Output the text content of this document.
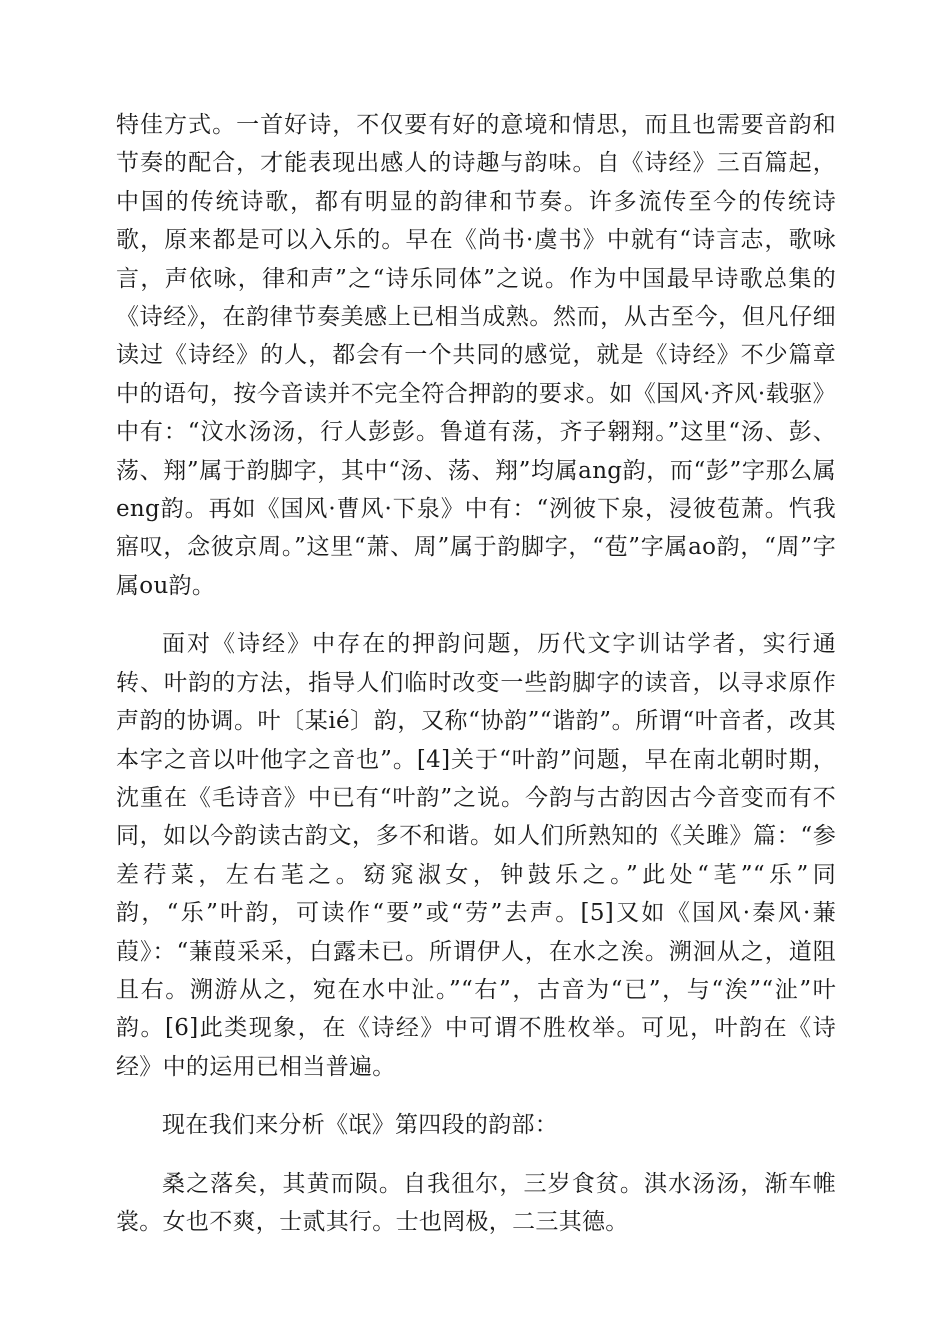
特佳方式。一首好诗，不仅要有好的意境和情思，而且也需要音韵和节奏的配合，才能表现出感人的诗趣与韵味。自《诗经》三百篇起，中国的传统诗歌，都有明显的韵律和节奏。许多流传至今的传统诗歌，原来都是可以入乐的。早在《尚书·虞书》中就有“诗言志，歌咏言，声依咏，律和声”之“诗乐同体”之说。作为中国最早诗歌总集的《诗经》，在韵律节奏美感上已相当成熟。然而，从古至今，但凡仔细读过《诗经》的人，都会有一个共同的感觉，就是《诗经》不少篇章中的语句，按今音读并不完全符合押韵的要求。如《国风·齐风·载驱》中有：“汶水汤汤，行人彭彭。鲁道有荡，齐子翱翔。”这里“汤、彭、荡、翔”属于韵脚字，其中“汤、荡、翔”均属ang韵，而“彭”字那么属eng韵。再如《国风·曹风·下泉》中有：“洌彼下泉，浸彼苞萧。忾我寤叹，念彼京周。”这里“萧、周”属于韵脚字，“苞”字属ao韵，“周”字属ou韵。

面对《诗经》中存在的押韵问题，历代文字训诂学者，实行通转、叶韵的方法，指导人们临时改变一些韵脚字的读音，以寻求原作声韵的协调。叶〔某ié〕韵，又称“协韵”“谐韵”。所谓“叶音者，改其本字之音以叶他字之音也”。[4]关于“叶韵”问题，早在南北朝时期，沈重在《毛诗音》中已有“叶韵”之说。今韵与古韵因古今音变而有不同，如以今韵读古韵文，多不和谐。如人们所熟知的《关雎》篇：“参差荇菜，左右芼之。窈窕淑女，钟鼓乐之。”此处“芼”“乐”同韵，“乐”叶韵，可读作“要”或“劳”去声。[5]又如《国风·秦风·蒹葭》：“蒹葭采采，白露未已。所谓伊人，在水之涘。溯洄从之，道阻且右。溯游从之，宛在水中沚。”“右”，古音为“已”，与“涘”“沚”叶韵。[6]此类现象，在《诗经》中可谓不胜枚举。可见，叶韵在《诗经》中的运用已相当普遍。

现在我们来分析《氓》第四段的韵部：

桑之落矣，其黄而陨。自我徂尔，三岁食贫。淇水汤汤，渐车帷裳。女也不爽，士贰其行。士也罔极，二三其德。
